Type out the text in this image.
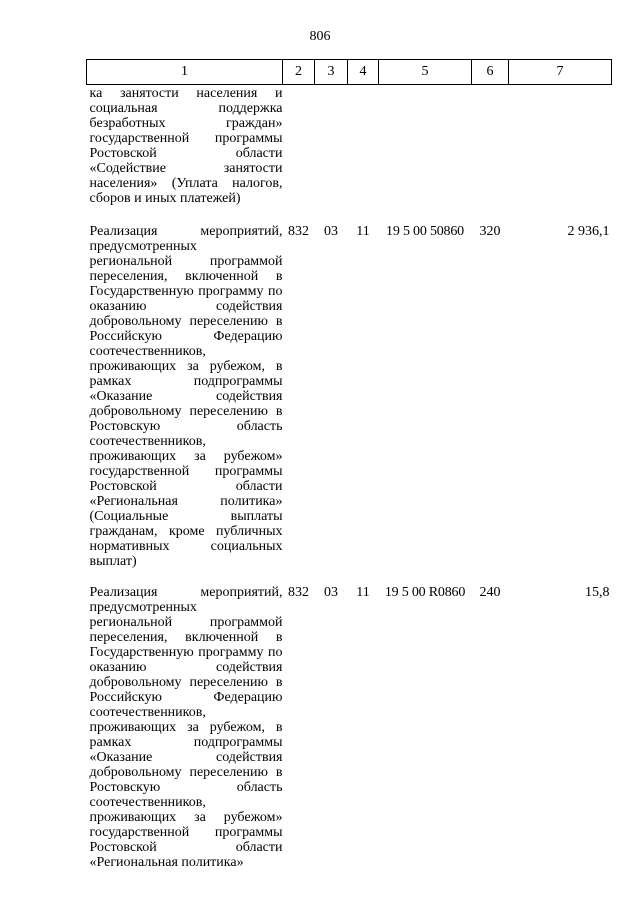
806
1	2	3	4	5	6	7
ка занятости населения и социальная поддержка безработных граждан» государственной программы Ростовской области «Содействие занятости населения» (Уплата налогов, сборов и иных платежей)						
Реализация мероприятий, предусмотренных региональной программой переселения, включенной в Государственную программу по оказанию содействия добровольному переселению в Российскую Федерацию соотечественников, проживающих за рубежом, в рамках подпрограммы «Оказание содействия добровольному переселению в Ростовскую область соотечественников, проживающих за рубежом» государственной программы Ростовской области «Региональная политика» (Социальные выплаты гражданам, кроме публичных нормативных социальных выплат)	832	03	11	19 5 00 50860	320	2 936,1
Реализация мероприятий, предусмотренных региональной программой переселения, включенной в Государственную программу по оказанию содействия добровольному переселению в Российскую Федерацию соотечественников, проживающих за рубежом, в рамках подпрограммы «Оказание содействия добровольному переселению в Ростовскую область соотечественников, проживающих за рубежом» государственной программы Ростовской области «Региональная политика»	832	03	11	19 5 00 R0860	240	15,8
